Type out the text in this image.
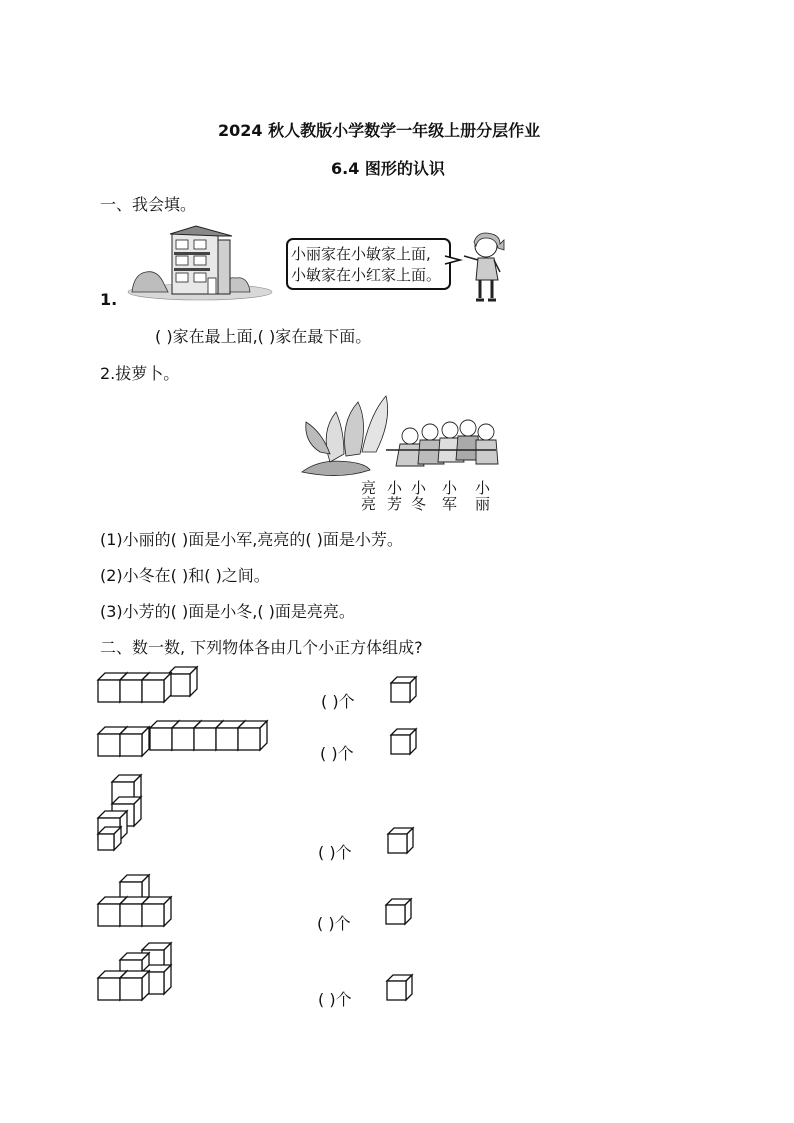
2024 秋人教版小学数学一年级上册分层作业
6.4 图形的认识
一、我会填。
小丽家在小敏家上面,
小敏家在小红家上面。
1.
( )家在最上面,( )家在最下面。
2.拔萝卜。
亮
亮
小
芳
小
冬
小
军
小
丽
(1)小丽的( )面是小军,亮亮的( )面是小芳。
(2)小冬在( )和( )之间。
(3)小芳的( )面是小冬,( )面是亮亮。
二、数一数, 下列物体各由几个小正方体组成?
( )个
( )个
( )个
( )个
( )个
